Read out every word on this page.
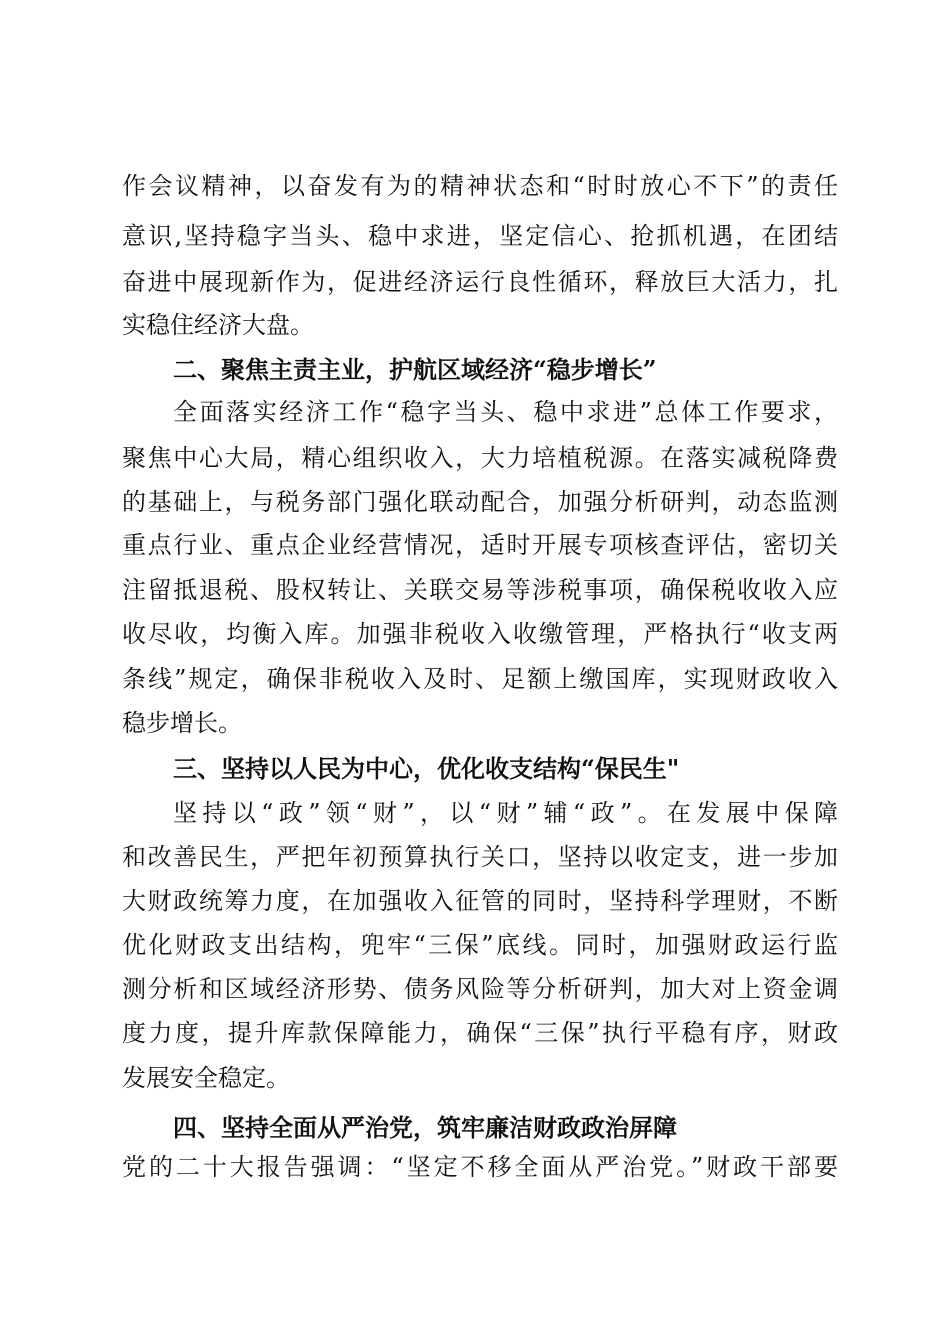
作会议精神，以奋发有为的精神状态和“时时放心不下”的责任
意识,坚持稳字当头、稳中求进，坚定信心、抢抓机遇，在团结
奋进中展现新作为，促进经济运行良性循环，释放巨大活力，扎
实稳住经济大盘。
二、聚焦主责主业，护航区域经济“稳步增长”
全面落实经济工作“稳字当头、稳中求进”总体工作要求，
聚焦中心大局，精心组织收入，大力培植税源。在落实减税降费
的基础上，与税务部门强化联动配合，加强分析研判，动态监测
重点行业、重点企业经营情况，适时开展专项核查评估，密切关
注留抵退税、股权转让、关联交易等涉税事项，确保税收收入应
收尽收，均衡入库。加强非税收入收缴管理，严格执行“收支两
条线”规定，确保非税收入及时、足额上缴国库，实现财政收入
稳步增长。
三、坚持以人民为中心，优化收支结构“保民生"
坚持以“政”领“财”，以“财”辅“政”。在发展中保障
和改善民生，严把年初预算执行关口，坚持以收定支，进一步加
大财政统筹力度，在加强收入征管的同时，坚持科学理财，不断
优化财政支出结构，兜牢“三保”底线。同时，加强财政运行监
测分析和区域经济形势、债务风险等分析研判，加大对上资金调
度力度，提升库款保障能力，确保“三保”执行平稳有序，财政
发展安全稳定。
四、坚持全面从严治党，筑牢廉洁财政政治屏障
党的二十大报告强调：“坚定不移全面从严治党。”财政干部要
